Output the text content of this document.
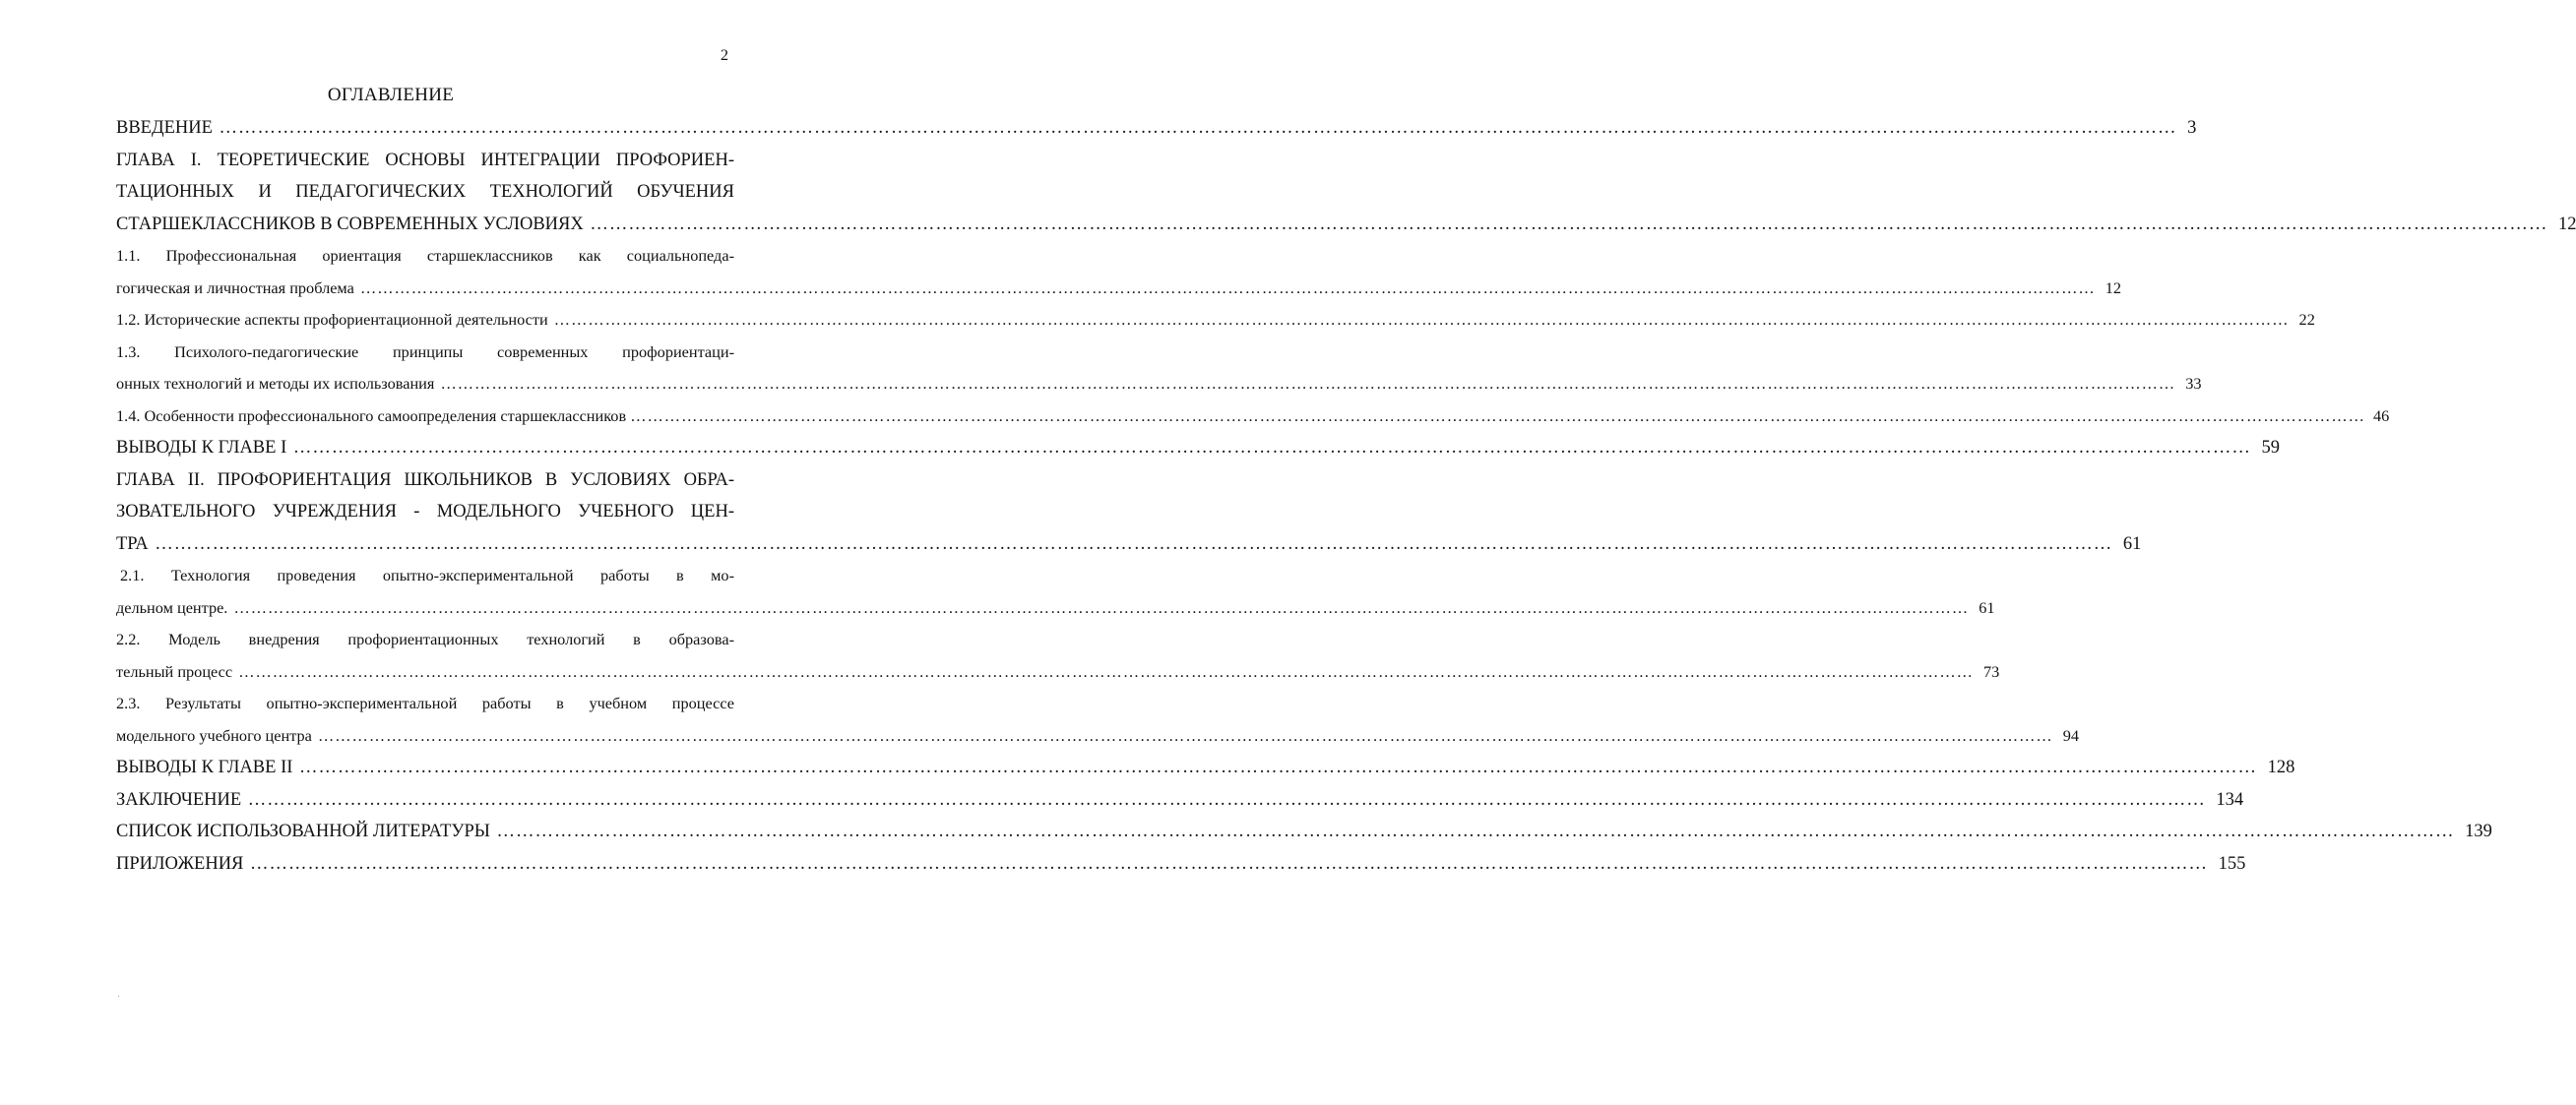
2
ОГЛАВЛЕНИЕ
ВВЕДЕНИЕ ……………………………………………………………………………………………………………………………………………………………………………………………………………………………………………………………………………… 3
ГЛАВА I. ТЕОРЕТИЧЕСКИЕ ОСНОВЫ ИНТЕГРАЦИИ ПРОФОРИЕН-
ТАЦИОННЫХ И ПЕДАГОГИЧЕСКИХ ТЕХНОЛОГИЙ ОБУЧЕНИЯ
СТАРШЕКЛАССНИКОВ В СОВРЕМЕННЫХ УСЛОВИЯХ ……………………………………………………………………………………………………………………………………………………………………………………………………………………………………………………………………………… 12
1.1. Профессиональная ориентация старшеклассников как социальнопеда-
гогическая и личностная проблема ……………………………………………………………………………………………………………………………………………………………………………………………………………………………………………………………………………… 12
1.2. Исторические аспекты профориентационной деятельности ……………………………………………………………………………………………………………………………………………………………………………………………………………………………………………………………………………… 22
1.3. Психолого-педагогические принципы современных профориентаци-
онных технологий и методы их использования ……………………………………………………………………………………………………………………………………………………………………………………………………………………………………………………………………………… 33
1.4. Особенности профессионального самоопределения старшеклассников ……………………………………………………………………………………………………………………………………………………………………………………………………………………………………………………………………………… 46
ВЫВОДЫ К ГЛАВЕ I ……………………………………………………………………………………………………………………………………………………………………………………………………………………………………………………………………………… 59
ГЛАВА II. ПРОФОРИЕНТАЦИЯ ШКОЛЬНИКОВ В УСЛОВИЯХ ОБРА-
ЗОВАТЕЛЬНОГО УЧРЕЖДЕНИЯ - МОДЕЛЬНОГО УЧЕБНОГО ЦЕН-
ТРА ……………………………………………………………………………………………………………………………………………………………………………………………………………………………………………………………………………… 61
2.1. Технология проведения опытно-экспериментальной работы в мо-
дельном центре. ……………………………………………………………………………………………………………………………………………………………………………………………………………………………………………………………………………… 61
2.2. Модель внедрения профориентационных технологий в образова-
тельный процесс ……………………………………………………………………………………………………………………………………………………………………………………………………………………………………………………………………………… 73
2.3. Результаты опытно-экспериментальной работы в учебном процессе
модельного учебного центра ……………………………………………………………………………………………………………………………………………………………………………………………………………………………………………………………………………… 94
ВЫВОДЫ К ГЛАВЕ II ……………………………………………………………………………………………………………………………………………………………………………………………………………………………………………………………………………… 128
ЗАКЛЮЧЕНИЕ ……………………………………………………………………………………………………………………………………………………………………………………………………………………………………………………………………………… 134
СПИСОК ИСПОЛЬЗОВАННОЙ ЛИТЕРАТУРЫ ……………………………………………………………………………………………………………………………………………………………………………………………………………………………………………………………………………… 139
ПРИЛОЖЕНИЯ ……………………………………………………………………………………………………………………………………………………………………………………………………………………………………………………………………………… 155
